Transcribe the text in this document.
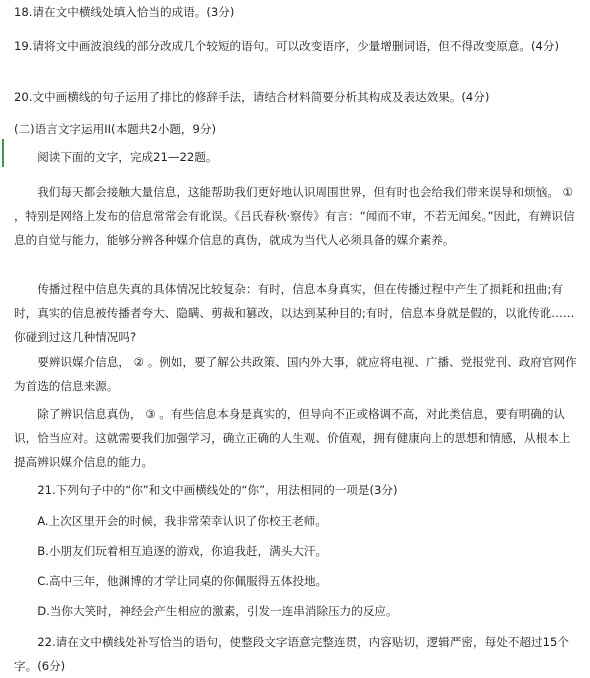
18.请在文中横线处填入恰当的成语。(3分)

19.请将文中画波浪线的部分改成几个较短的语句。可以改变语序，少量增删词语，但不得改变原意。(4分)

20.文中画横线的句子运用了排比的修辞手法，请结合材料简要分析其构成及表达效果。(4分)

(二)语言文字运用II(本题共2小题，9分)

阅读下面的文字，完成21—22题。

我们每天都会接触大量信息，这能帮助我们更好地认识周围世界，但有时也会给我们带来误导和烦恼。 ① ，特别是网络上发布的信息常常会有讹误。《吕氏春秋·察传》有言：“闻而不审，不若无闻矣。”因此，有辨识信息的自觉与能力，能够分辨各种媒介信息的真伪，就成为当代人必须具备的媒介素养。

传播过程中信息失真的具体情况比较复杂：有时，信息本身真实，但在传播过程中产生了损耗和扭曲;有时，真实的信息被传播者夸大、隐瞒、剪裁和篡改，以达到某种目的;有时，信息本身就是假的，以讹传讹……你碰到过这几种情况吗?

要辨识媒介信息， ② 。例如，要了解公共政策、国内外大事，就应将电视、广播、党报党刊、政府官网作为首选的信息来源。

除了辨识信息真伪， ③ 。有些信息本身是真实的，但导向不正或格调不高，对此类信息，要有明确的认识，恰当应对。这就需要我们加强学习，确立正确的人生观、价值观，拥有健康向上的思想和情感，从根本上提高辨识媒介信息的能力。

21.下列句子中的“你”和文中画横线处的“你”，用法相同的一项是(3分)

A.上次区里开会的时候，我非常荣幸认识了你校王老师。

B.小朋友们玩着相互追逐的游戏，你追我赶，满头大汗。

C.高中三年，他渊博的才学让同桌的你佩服得五体投地。

D.当你大笑时，神经会产生相应的激素，引发一连串消除压力的反应。

22.请在文中横线处补写恰当的语句，使整段文字语意完整连贯，内容贴切，逻辑严密，每处不超过15个字。(6分)
